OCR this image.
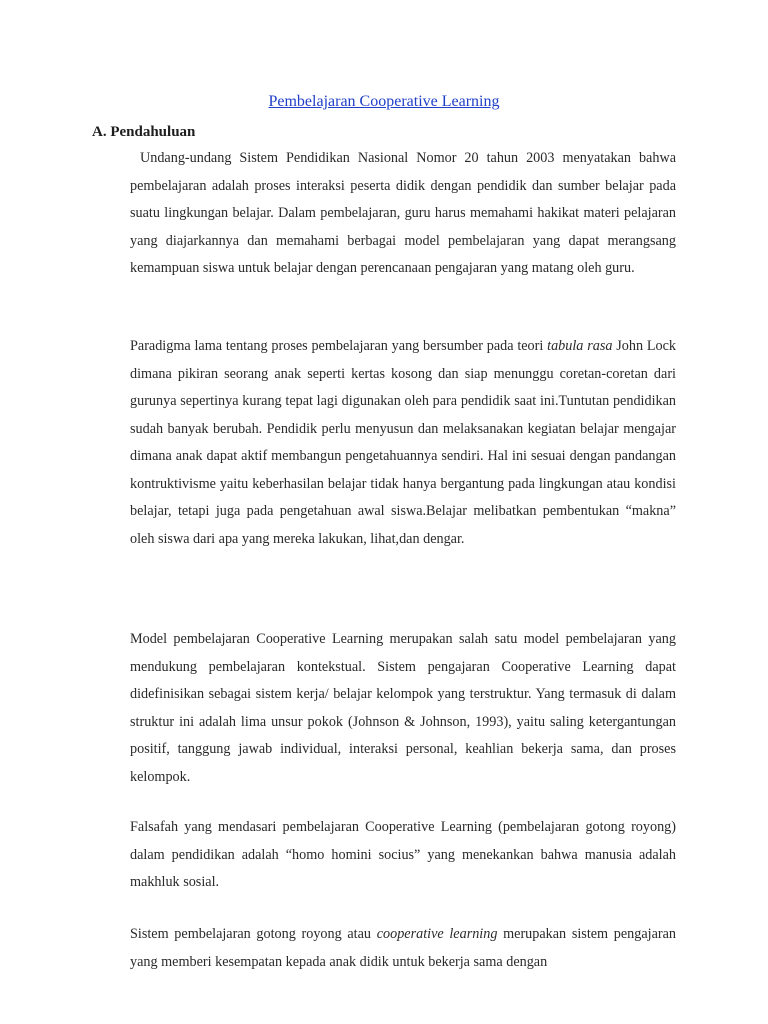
Pembelajaran Cooperative Learning
A. Pendahuluan

Undang-undang Sistem Pendidikan Nasional Nomor 20 tahun 2003 menyatakan bahwa pembelajaran adalah proses interaksi peserta didik dengan pendidik dan sumber belajar pada suatu lingkungan belajar. Dalam pembelajaran, guru harus memahami hakikat materi pelajaran yang diajarkannya dan memahami berbagai model pembelajaran yang dapat merangsang kemampuan siswa untuk belajar dengan perencanaan pengajaran yang matang oleh guru.

Paradigma lama tentang proses pembelajaran yang bersumber pada teori tabula rasa John Lock dimana pikiran seorang anak seperti kertas kosong dan siap menunggu coretan-coretan dari gurunya sepertinya kurang tepat lagi digunakan oleh para pendidik saat ini.Tuntutan pendidikan sudah banyak berubah. Pendidik perlu menyusun dan melaksanakan kegiatan belajar mengajar dimana anak dapat aktif membangun pengetahuannya sendiri. Hal ini sesuai dengan pandangan kontruktivisme yaitu keberhasilan belajar tidak hanya bergantung pada lingkungan atau kondisi belajar, tetapi juga pada pengetahuan awal siswa.Belajar melibatkan pembentukan “makna” oleh siswa dari apa yang mereka lakukan, lihat,dan dengar.

Model pembelajaran Cooperative Learning merupakan salah satu model pembelajaran yang mendukung pembelajaran kontekstual. Sistem pengajaran Cooperative Learning dapat didefinisikan sebagai sistem kerja/ belajar kelompok yang terstruktur. Yang termasuk di dalam struktur ini adalah lima unsur pokok (Johnson & Johnson, 1993), yaitu saling ketergantungan positif, tanggung jawab individual, interaksi personal, keahlian bekerja sama, dan proses kelompok.

Falsafah yang mendasari pembelajaran Cooperative Learning (pembelajaran gotong royong) dalam pendidikan adalah “homo homini socius” yang menekankan bahwa manusia adalah makhluk sosial.

Sistem pembelajaran gotong royong atau cooperative learning merupakan sistem pengajaran yang memberi kesempatan kepada anak didik untuk bekerja sama dengan
